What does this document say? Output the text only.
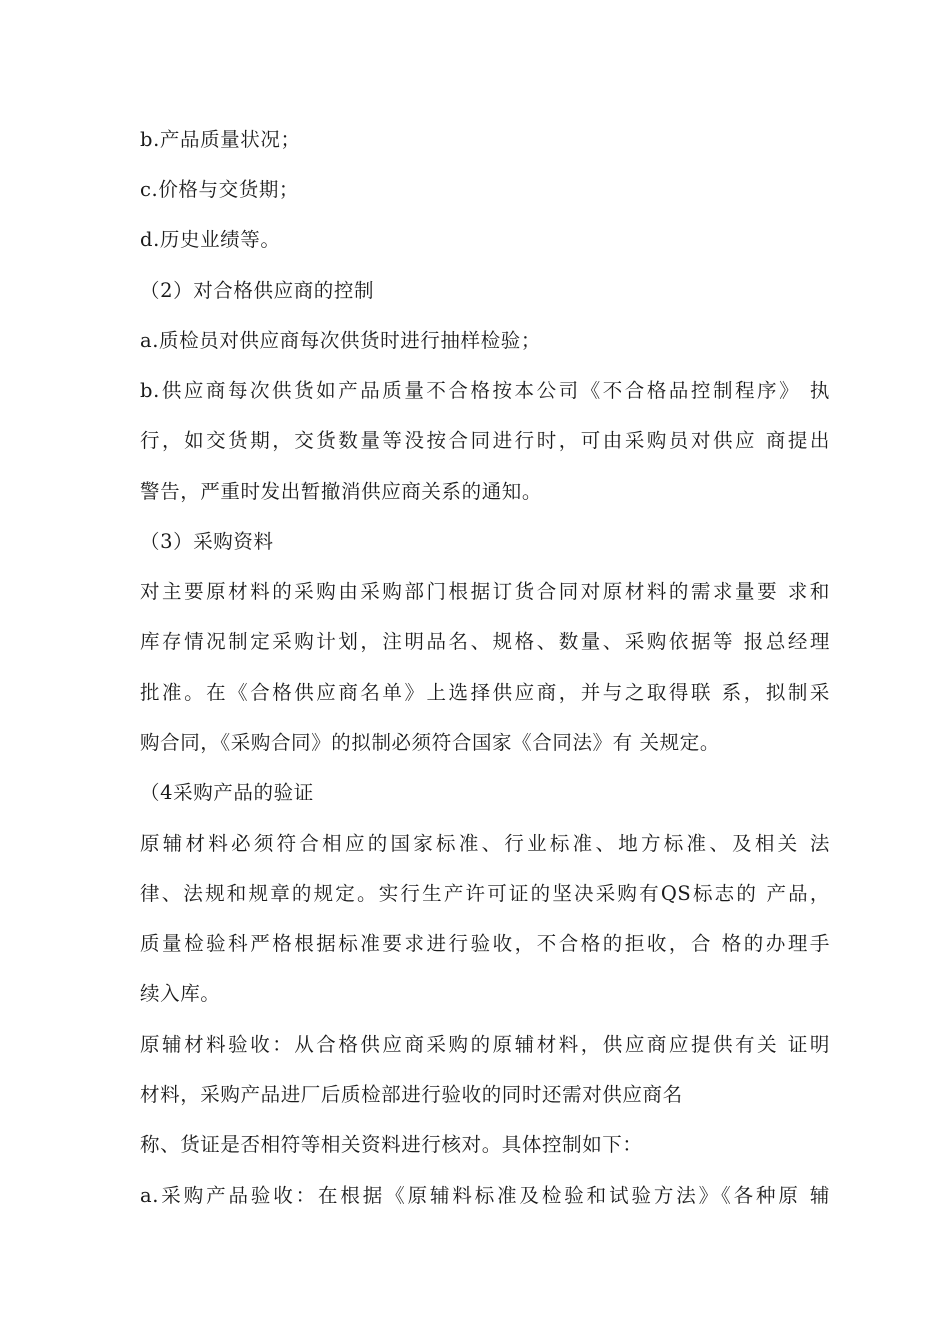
b.产品质量状况；
c.价格与交货期；
d.历史业绩等。
（2）对合格供应商的控制
a.质检员对供应商每次供货时进行抽样检验；
b.供应商每次供货如产品质量不合格按本公司《不合格品控制程序》 执
行，如交货期，交货数量等没按合同进行时，可由采购员对供应 商提出
警告，严重时发出暂撤消供应商关系的通知。
（3）采购资料
对主要原材料的采购由采购部门根据订货合同对原材料的需求量要 求和
库存情况制定采购计划，注明品名、规格、数量、采购依据等 报总经理
批准。在《合格供应商名单》上选择供应商，并与之取得联 系，拟制采
购合同，《采购合同》的拟制必须符合国家《合同法》有 关规定。
（4采购产品的验证
原辅材料必须符合相应的国家标准、行业标准、地方标准、及相关 法
律、法规和规章的规定。实行生产许可证的坚决采购有QS标志的 产品，
质量检验科严格根据标准要求进行验收，不合格的拒收，合 格的办理手
续入库。
原辅材料验收：从合格供应商采购的原辅材料，供应商应提供有关 证明
材料，采购产品进厂后质检部进行验收的同时还需对供应商名
称、货证是否相符等相关资料进行核对。具体控制如下：
a.采购产品验收：在根据《原辅料标准及检验和试验方法》《各种原 辅
